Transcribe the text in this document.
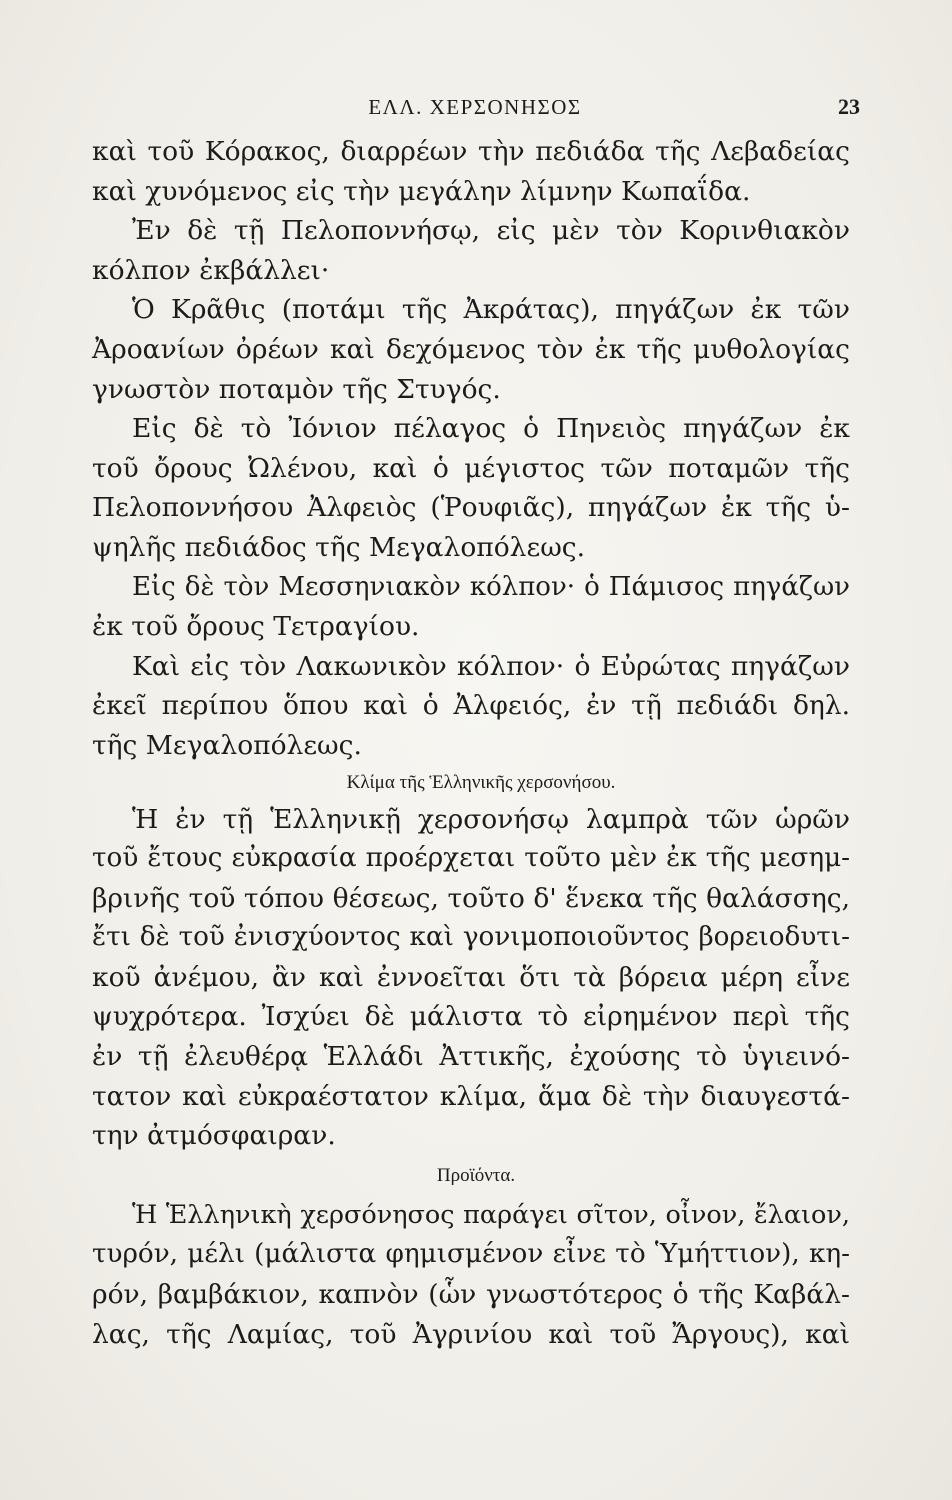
ΕΛΛ. ΧΕΡΣΟΝΗΣΟΣ	23
καὶ τοῦ Κόρακος, διαρρέων τὴν πεδιάδα τῆς Λεβαδείας
καὶ χυνόμενος εἰς τὴν μεγάλην λίμνην Κωπαΐδα.
Ἐν δὲ τῇ Πελοποννήσῳ, εἰς μὲν τὸν Κορινθιακὸν
κόλπον ἐκβάλλει·
Ὁ Κρᾶθις (ποτάμι τῆς Ἀκράτας), πηγάζων ἐκ τῶν
Ἀροανίων ὀρέων καὶ δεχόμενος τὸν ἐκ τῆς μυθολογίας
γνωστὸν ποταμὸν τῆς Στυγός.
Εἰς δὲ τὸ Ἰόνιον πέλαγος ὁ Πηνειὸς πηγάζων ἐκ
τοῦ ὄρους Ὠλένου, καὶ ὁ μέγιστος τῶν ποταμῶν τῆς
Πελοποννήσου Ἀλφειὸς (Ῥουφιᾶς), πηγάζων ἐκ τῆς ὑ-
ψηλῆς πεδιάδος τῆς Μεγαλοπόλεως.
Εἰς δὲ τὸν Μεσσηνιακὸν κόλπον· ὁ Πάμισος πηγάζων
ἐκ τοῦ ὄρους Τετραγίου.
Καὶ εἰς τὸν Λακωνικὸν κόλπον· ὁ Εὐρώτας πηγάζων
ἐκεῖ περίπου ὅπου καὶ ὁ Ἀλφειός, ἐν τῇ πεδιάδι δηλ.
τῆς Μεγαλοπόλεως.
Κλίμα τῆς Ἑλληνικῆς χερσονήσου.
Ἡ ἐν τῇ Ἑλληνικῇ χερσονήσῳ λαμπρὰ τῶν ὡρῶν
τοῦ ἔτους εὐκρασία προέρχεται τοῦτο μὲν ἐκ τῆς μεσημ-
βρινῆς τοῦ τόπου θέσεως, τοῦτο δ' ἕνεκα τῆς θαλάσσης,
ἔτι δὲ τοῦ ἐνισχύοντος καὶ γονιμοποιοῦντος βορειοδυτι-
κοῦ ἀνέμου, ἂν καὶ ἐννοεῖται ὅτι τὰ βόρεια μέρη εἶνε
ψυχρότερα. Ἰσχύει δὲ μάλιστα τὸ εἰρημένον περὶ τῆς
ἐν τῇ ἐλευθέρᾳ Ἑλλάδι Ἀττικῆς, ἐχούσης τὸ ὑγιεινό-
τατον καὶ εὐκραέστατον κλίμα, ἅμα δὲ τὴν διαυγεστά-
την ἀτμόσφαιραν.
Προϊόντα.
Ἡ Ἑλληνικὴ χερσόνησος παράγει σῖτον, οἶνον, ἔλαιον,
τυρόν, μέλι (μάλιστα φημισμένον εἶνε τὸ Ὑμήττιον), κη-
ρόν, βαμβάκιον, καπνὸν (ὧν γνωστότερος ὁ τῆς Καβάλ-
λας, τῆς Λαμίας, τοῦ Ἀγρινίου καὶ τοῦ Ἄργους), καὶ
